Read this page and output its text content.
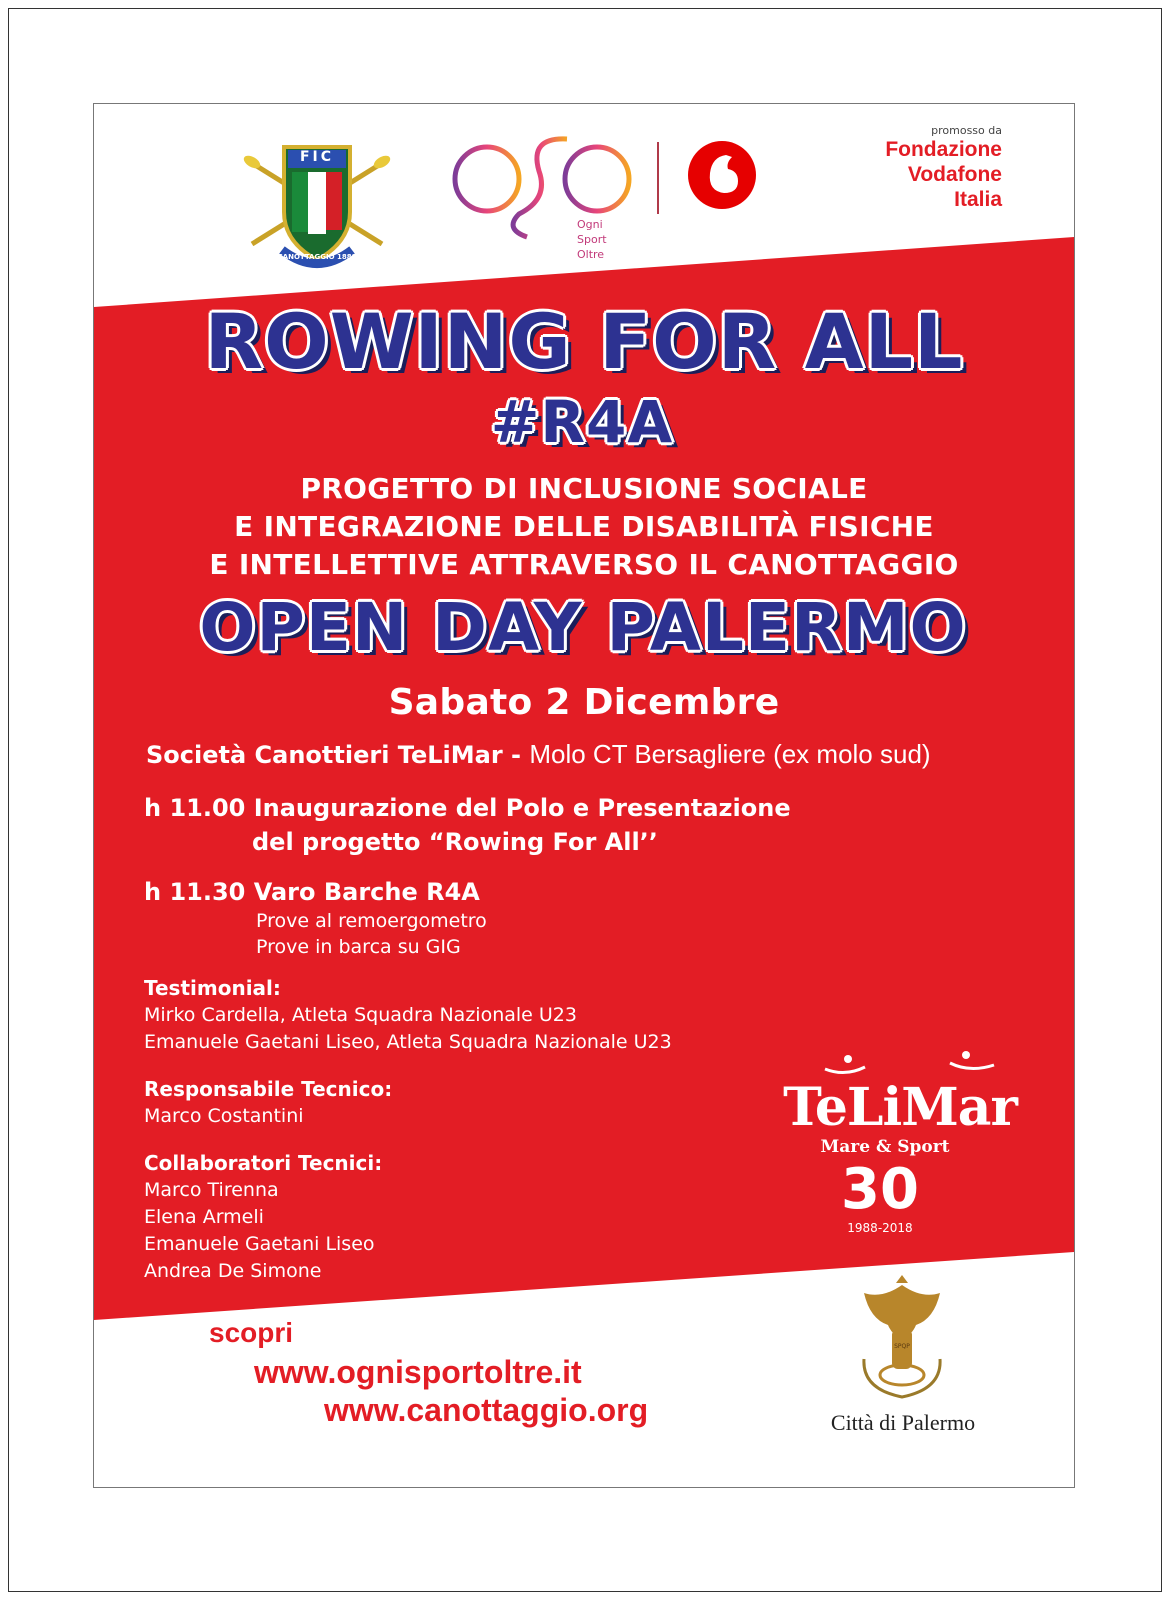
FIC
CANOTTAGGIO 1888
Ogni Sport Oltre
promosso da
Fondazione
Vodafone
Italia
ROWING FOR ALL
#R4A
PROGETTO DI INCLUSIONE SOCIALE
E INTEGRAZIONE DELLE DISABILITÀ FISICHE
E INTELLETTIVE ATTRAVERSO IL CANOTTAGGIO
OPEN DAY PALERMO
Sabato 2 Dicembre
Società Canottieri TeLiMar - Molo CT Bersagliere (ex molo sud)
h 11.00 Inaugurazione del Polo e Presentazione
del progetto “Rowing For All’’
h 11.30 Varo Barche R4A
Prove al remoergometro
Prove in barca su GIG
Testimonial:
Mirko Cardella, Atleta Squadra Nazionale U23
Emanuele Gaetani Liseo, Atleta Squadra Nazionale U23
Responsabile Tecnico:
Marco Costantini
Collaboratori Tecnici:
Marco Tirenna
Elena Armeli
Emanuele Gaetani Liseo
Andrea De Simone
TeLiMar
Mare & Sport
30
1988-2018
scopri
www.ognisportoltre.it
www.canottaggio.org
SPQP
Città di Palermo
